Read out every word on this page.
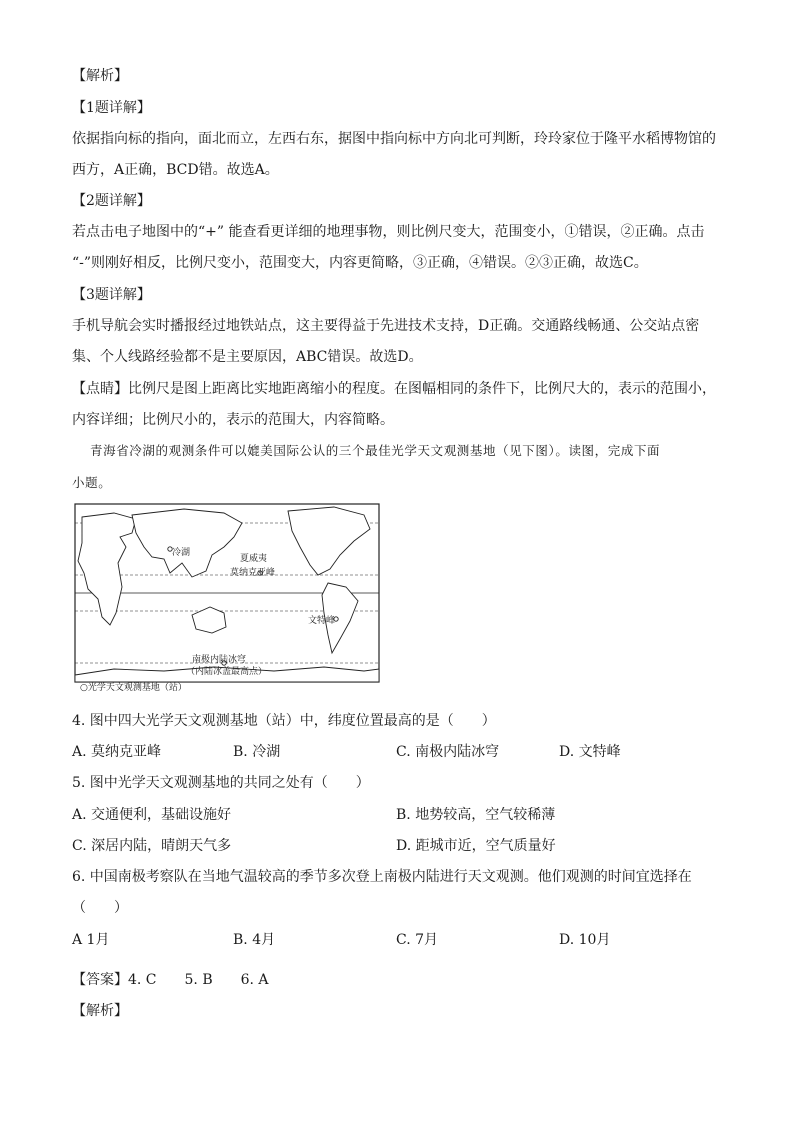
【解析】
【1题详解】
依据指向标的指向，面北而立，左西右东，据图中指向标中方向北可判断，玲玲家位于隆平水稻博物馆的
西方，A正确，BCD错。故选A。
【2题详解】
若点击电子地图中的“+” 能查看更详细的地理事物，则比例尺变大，范围变小，①错误，②正确。点击
“-”则刚好相反，比例尺变小，范围变大，内容更简略，③正确，④错误。②③正确，故选C。
【3题详解】
手机导航会实时播报经过地铁站点，这主要得益于先进技术支持，D正确。交通路线畅通、公交站点密
集、个人线路经验都不是主要原因，ABC错误。故选D。
【点睛】比例尺是图上距离比实地距离缩小的程度。在图幅相同的条件下，比例尺大的，表示的范围小，
内容详细；比例尺小的，表示的范围大，内容简略。
青海省冷湖的观测条件可以媲美国际公认的三个最佳光学天文观测基地（见下图）。读图，完成下面
小题。
冷湖
夏威夷
莫纳克亚峰
文特峰
南极内陆冰穹
（内陆冰盖最高点）
○光学天文观测基地（站）
4. 图中四大光学天文观测基地（站）中，纬度位置最高的是（　　）
A. 莫纳克亚峰	B. 冷湖	C. 南极内陆冰穹	D. 文特峰
5. 图中光学天文观测基地的共同之处有（　　）
A. 交通便利，基础设施好	B. 地势较高，空气较稀薄
C. 深居内陆，晴朗天气多	D. 距城市近，空气质量好
6. 中国南极考察队在当地气温较高的季节多次登上南极内陆进行天文观测。他们观测的时间宜选择在
（　　）
A 1月	B. 4月	C. 7月	D. 10月
【答案】4. C　　5. B　　6. A
【解析】
